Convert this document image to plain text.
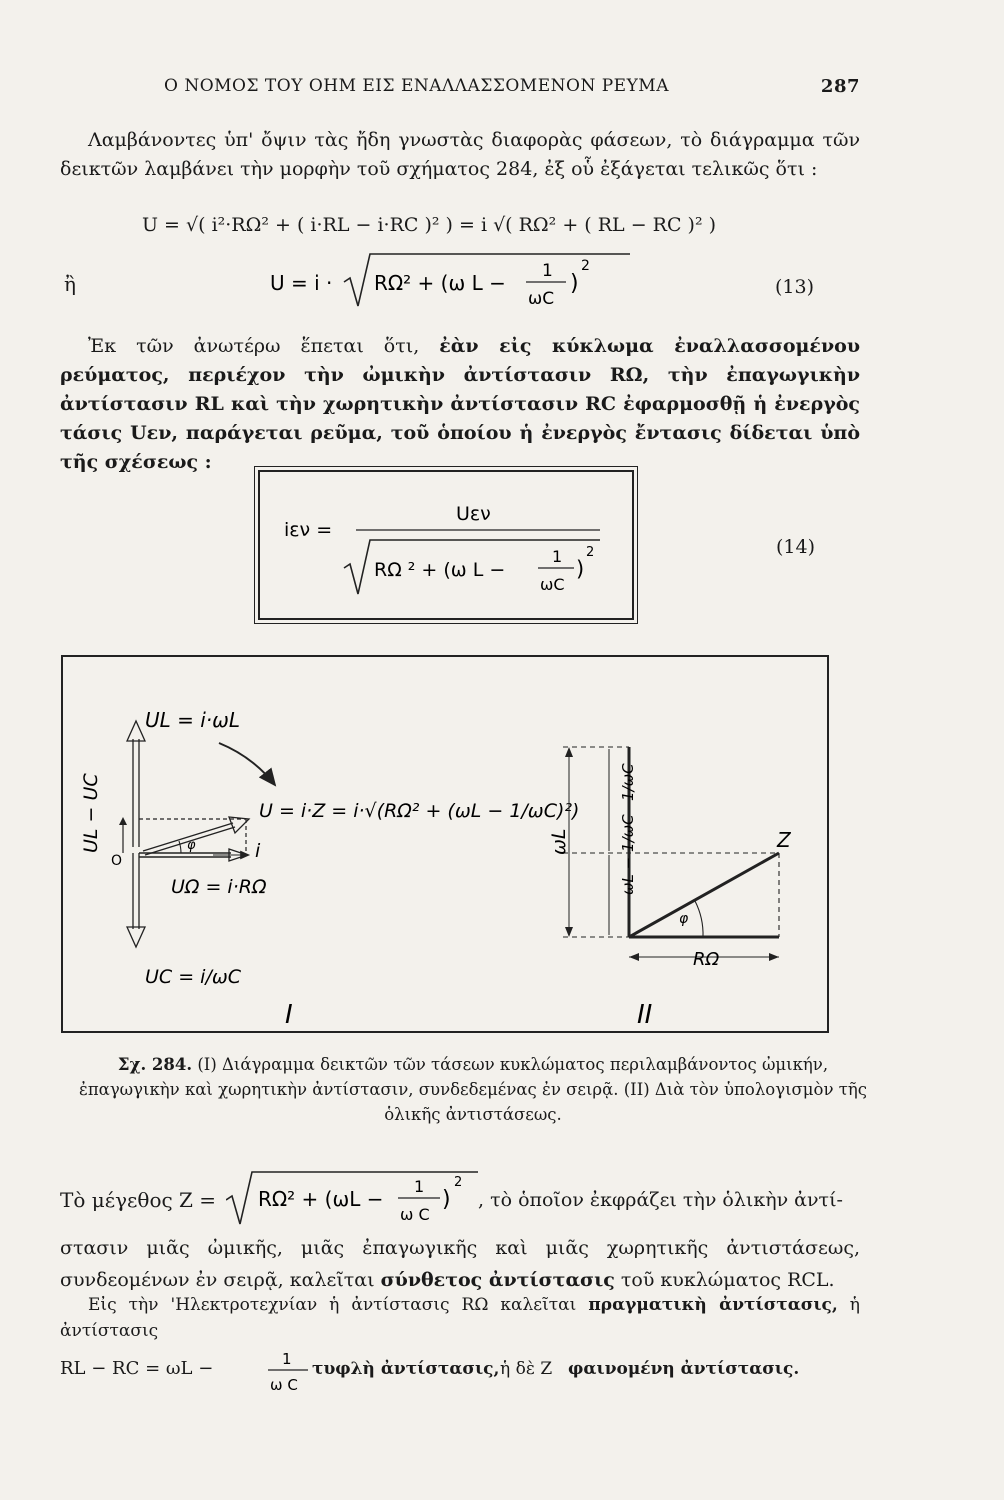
Ο ΝΟΜΟΣ ΤΟΥ ΟΗΜ ΕΙΣ ΕΝΑΛΛΑΣΣΟΜΕΝΟΝ ΡΕΥΜΑ	287
Λαμβάνοντες ὑπ' ὄψιν τὰς ἤδη γνωστὰς διαφορὰς φάσεων, τὸ διάγραμμα τῶν δεικτῶν λαμβάνει τὴν μορφὴν τοῦ σχήματος 284, ἐξ οὗ ἐξάγεται τελικῶς ὅτι :
U = √( i²·RΩ² + ( i·RL − i·RC )² ) = i √( RΩ² + ( RL − RC )² )
ἢ	U = i · RΩ² + (ω L − 1
ωC
)
2
(13)
Ἐκ τῶν ἀνωτέρω ἕπεται ὅτι, ἐὰν εἰς κύκλωμα ἐναλλασσομένου ρεύματος, περιέχον τὴν ὠμικὴν ἀντίστασιν RΩ, τὴν ἐπαγωγικὴν ἀντίστασιν RL καὶ τὴν χωρητικὴν ἀντίστασιν RC ἐφαρμοσθῇ ἡ ἐνεργὸς τάσις Uεν, παράγεται ρεῦμα, τοῦ ὁποίου ἡ ἐνεργὸς ἔντασις δίδεται ὑπὸ τῆς σχέσεως :
iεν =
Uεν
RΩ ² + (ω L −
1
ωC
)
2	(14)
φ
UL = i·ωL
U = i·Z = i·√(RΩ² + (ωL − 1/ωC)²)
i
UΩ = i·RΩ
UC = i/ωC
O
UL − UC
I
φ
ωL
1/ωC
ωL − 1/ωC	Z
RΩ
II
Σχ. 284. (I) Διάγραμμα δεικτῶν τῶν τάσεων κυκλώματος περιλαμβάνοντος ὠμικήν, ἐπαγωγικὴν καὶ χωρητικὴν ἀντίστασιν, συνδεδεμένας ἐν σειρᾷ. (II) Διὰ τὸν ὑπολογισμὸν τῆς ὁλικῆς ἀντιστάσεως.
Τὸ μέγεθος Z = RΩ² + (ωL −
1
ω C
)
2
, τὸ ὁποῖον ἐκφράζει τὴν ὁλικὴν ἀντί-
στασιν μιᾶς ὠμικῆς, μιᾶς ἐπαγωγικῆς καὶ μιᾶς χωρητικῆς ἀντιστάσεως, συνδεομένων ἐν σειρᾷ, καλεῖται σύνθετος ἀντίστασις τοῦ κυκλώματος RCL.
Εἰς τὴν 'Ηλεκτροτεχνίαν ἡ ἀντίστασις RΩ καλεῖται πραγματικὴ ἀντίστασις, ἡ ἀντίστασις
RL − RC = ωL −	1
ω C
τυφλὴ ἀντίστασις, ἡ δὲ Z φαινομένη ἀντίστασις.
